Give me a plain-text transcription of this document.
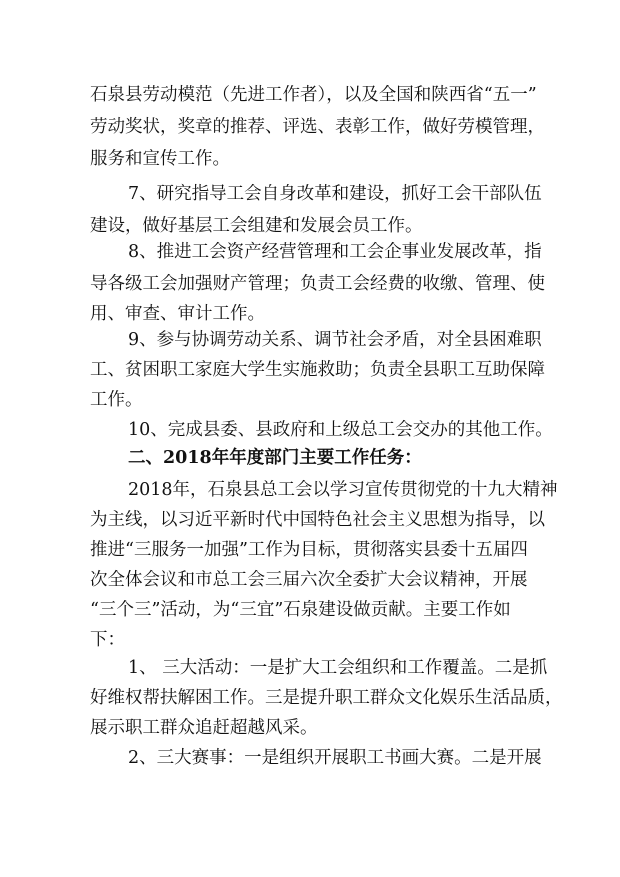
石泉县劳动模范（先进工作者），以及全国和陕西省“五一”
劳动奖状，奖章的推荐、评选、表彰工作，做好劳模管理，
服务和宣传工作。
7、研究指导工会自身改革和建设，抓好工会干部队伍
建设，做好基层工会组建和发展会员工作。
8、推进工会资产经营管理和工会企事业发展改革，指
导各级工会加强财产管理；负责工会经费的收缴、管理、使
用、审查、审计工作。
9、参与协调劳动关系、调节社会矛盾，对全县困难职
工、贫困职工家庭大学生实施救助；负责全县职工互助保障
工作。
10、完成县委、县政府和上级总工会交办的其他工作。
二、2018年年度部门主要工作任务：
2018年，石泉县总工会以学习宣传贯彻党的十九大精神
为主线，以习近平新时代中国特色社会主义思想为指导，以
推进“三服务一加强”工作为目标，贯彻落实县委十五届四
次全体会议和市总工会三届六次全委扩大会议精神，开展
“三个三”活动，为“三宜”石泉建设做贡献。主要工作如
下：
1、 三大活动：一是扩大工会组织和工作覆盖。二是抓
好维权帮扶解困工作。三是提升职工群众文化娱乐生活品质，
展示职工群众追赶超越风采。
2、三大赛事：一是组织开展职工书画大赛。二是开展
